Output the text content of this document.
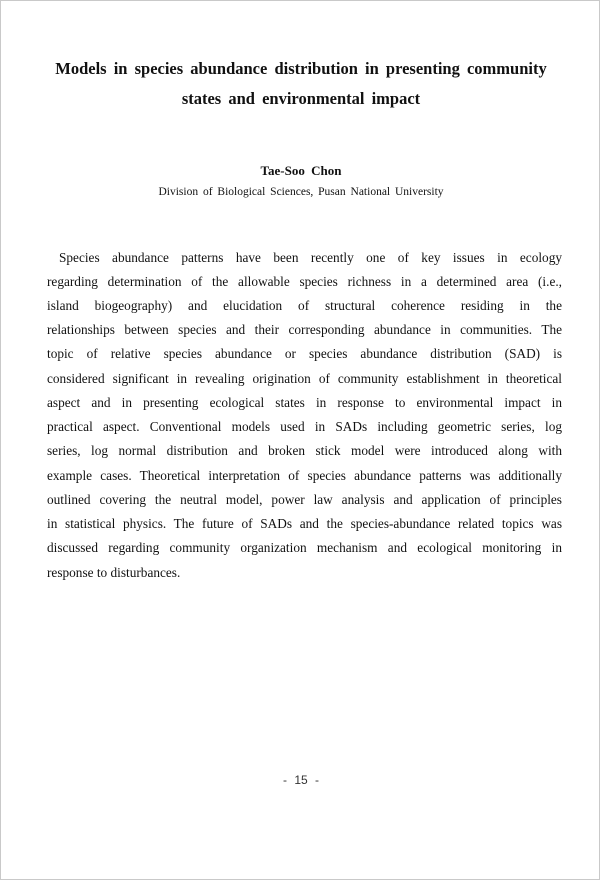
Models in species abundance distribution in presenting community
states and environmental impact
Tae-Soo Chon
Division of Biological Sciences, Pusan National University
Species abundance patterns have been recently one of key issues in ecology
regarding determination of the allowable species richness in a determined area (i.e.,
island biogeography) and elucidation of structural coherence residing in the
relationships between species and their corresponding abundance in communities. The
topic of relative species abundance or species abundance distribution (SAD) is
considered significant in revealing origination of community establishment in theoretical
aspect and in presenting ecological states in response to environmental impact in
practical aspect. Conventional models used in SADs including geometric series, log
series, log normal distribution and broken stick model were introduced along with
example cases. Theoretical interpretation of species abundance patterns was additionally
outlined covering the neutral model, power law analysis and application of principles
in statistical physics. The future of SADs and the species-abundance related topics was
discussed regarding community organization mechanism and ecological monitoring in
response to disturbances.
- 15 -
